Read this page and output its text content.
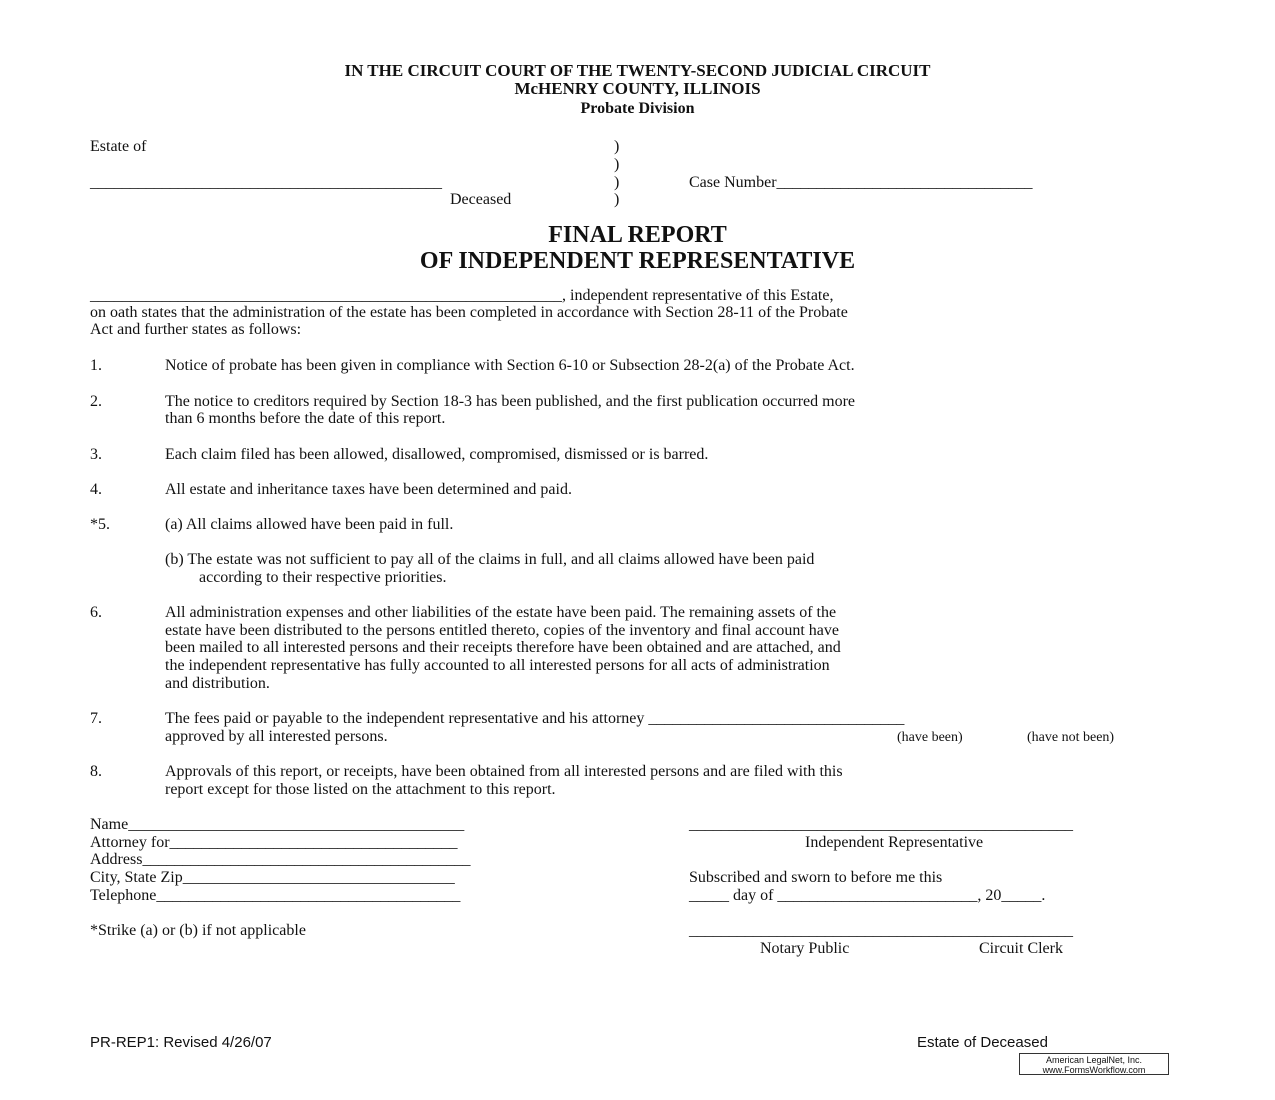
IN THE CIRCUIT COURT OF THE TWENTY-SECOND JUDICIAL CIRCUIT
McHENRY COUNTY, ILLINOIS
Probate Division
Estate of	)
)
)
)
____________________________________________
Deceased
Case Number________________________________
FINAL REPORT
OF INDEPENDENT REPRESENTATIVE
___________________________________________________________, independent representative of this Estate,
on oath states that the administration of the estate has been completed in accordance with Section 28-11 of the Probate
Act and further states as follows:
1.	Notice of probate has been given in compliance with Section 6-10 or Subsection 28-2(a) of the Probate Act.
2.	The notice to creditors required by Section 18-3 has been published, and the first publication occurred more
than 6 months before the date of this report.
3.	Each claim filed has been allowed, disallowed, compromised, dismissed or is barred.
4.	All estate and inheritance taxes have been determined and paid.
*5.	(a) All claims allowed have been paid in full.
(b) The estate was not sufficient to pay all of the claims in full, and all claims allowed have been paid
according to their respective priorities.
6.	All administration expenses and other liabilities of the estate have been paid. The remaining assets of the
estate have been distributed to the persons entitled thereto, copies of the inventory and final account have
been mailed to all interested persons and their receipts therefore have been obtained and are attached, and
the independent representative has fully accounted to all interested persons for all acts of administration
and distribution.
7.	The fees paid or payable to the independent representative and his attorney ________________________________
approved by all interested persons.	(have been)	(have not been)
8.	Approvals of this report, or receipts, have been obtained from all interested persons and are filed with this
report except for those listed on the attachment to this report.
Name__________________________________________
Attorney for____________________________________
Address_________________________________________
City, State Zip__________________________________
Telephone______________________________________
*Strike (a) or (b) if not applicable
________________________________________________
Independent Representative
Subscribed and sworn to before me this
_____ day of _________________________, 20_____.
________________________________________________
Notary Public	Circuit Clerk
PR-REP1: Revised 4/26/07	Estate of Deceased
American LegalNet, Inc.
www.FormsWorkflow.com
